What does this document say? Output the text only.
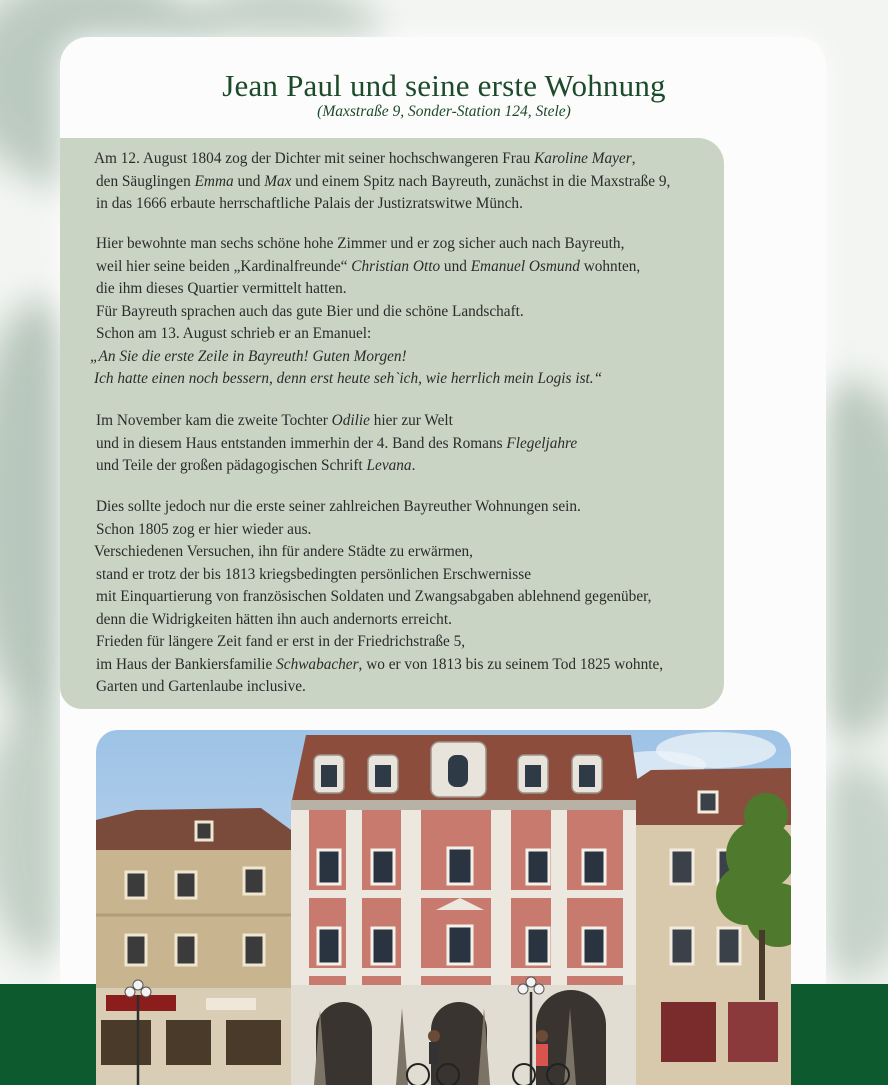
Jean Paul und seine erste Wohnung
(Maxstraße 9, Sonder-Station 124, Stele)
Am 12. August 1804 zog der Dichter mit seiner hochschwangeren Frau Karoline Mayer,
den Säuglingen Emma und Max und einem Spitz nach Bayreuth, zunächst in die Maxstraße 9,
in das 1666 erbaute herrschaftliche Palais der Justizratswitwe Münch.
Hier bewohnte man sechs schöne hohe Zimmer und er zog sicher auch nach Bayreuth,
weil hier seine beiden „Kardinalfreunde“ Christian Otto und Emanuel Osmund wohnten,
die ihm dieses Quartier vermittelt hatten.
Für Bayreuth sprachen auch das gute Bier und die schöne Landschaft.
Schon am 13. August schrieb er an Emanuel:
„An Sie die erste Zeile in Bayreuth! Guten Morgen!
Ich hatte einen noch bessern, denn erst heute seh`ich, wie herrlich mein Logis ist.“
Im November kam die zweite Tochter Odilie hier zur Welt
und in diesem Haus entstanden immerhin der 4. Band des Romans Flegeljahre
und Teile der großen pädagogischen Schrift Levana.
Dies sollte jedoch nur die erste seiner zahlreichen Bayreuther Wohnungen sein.
Schon 1805 zog er hier wieder aus.
Verschiedenen Versuchen, ihn für andere Städte zu erwärmen,
stand er trotz der bis 1813 kriegsbedingten persönlichen Erschwernisse
mit Einquartierung von französischen Soldaten und Zwangsabgaben ablehnend gegenüber,
denn die Widrigkeiten hätten ihn auch andernorts erreicht.
Frieden für längere Zeit fand er erst in der Friedrichstraße 5,
im Haus der Bankiersfamilie Schwabacher, wo er von 1813 bis zu seinem Tod 1825 wohnte,
Garten und Gartenlaube inclusive.
